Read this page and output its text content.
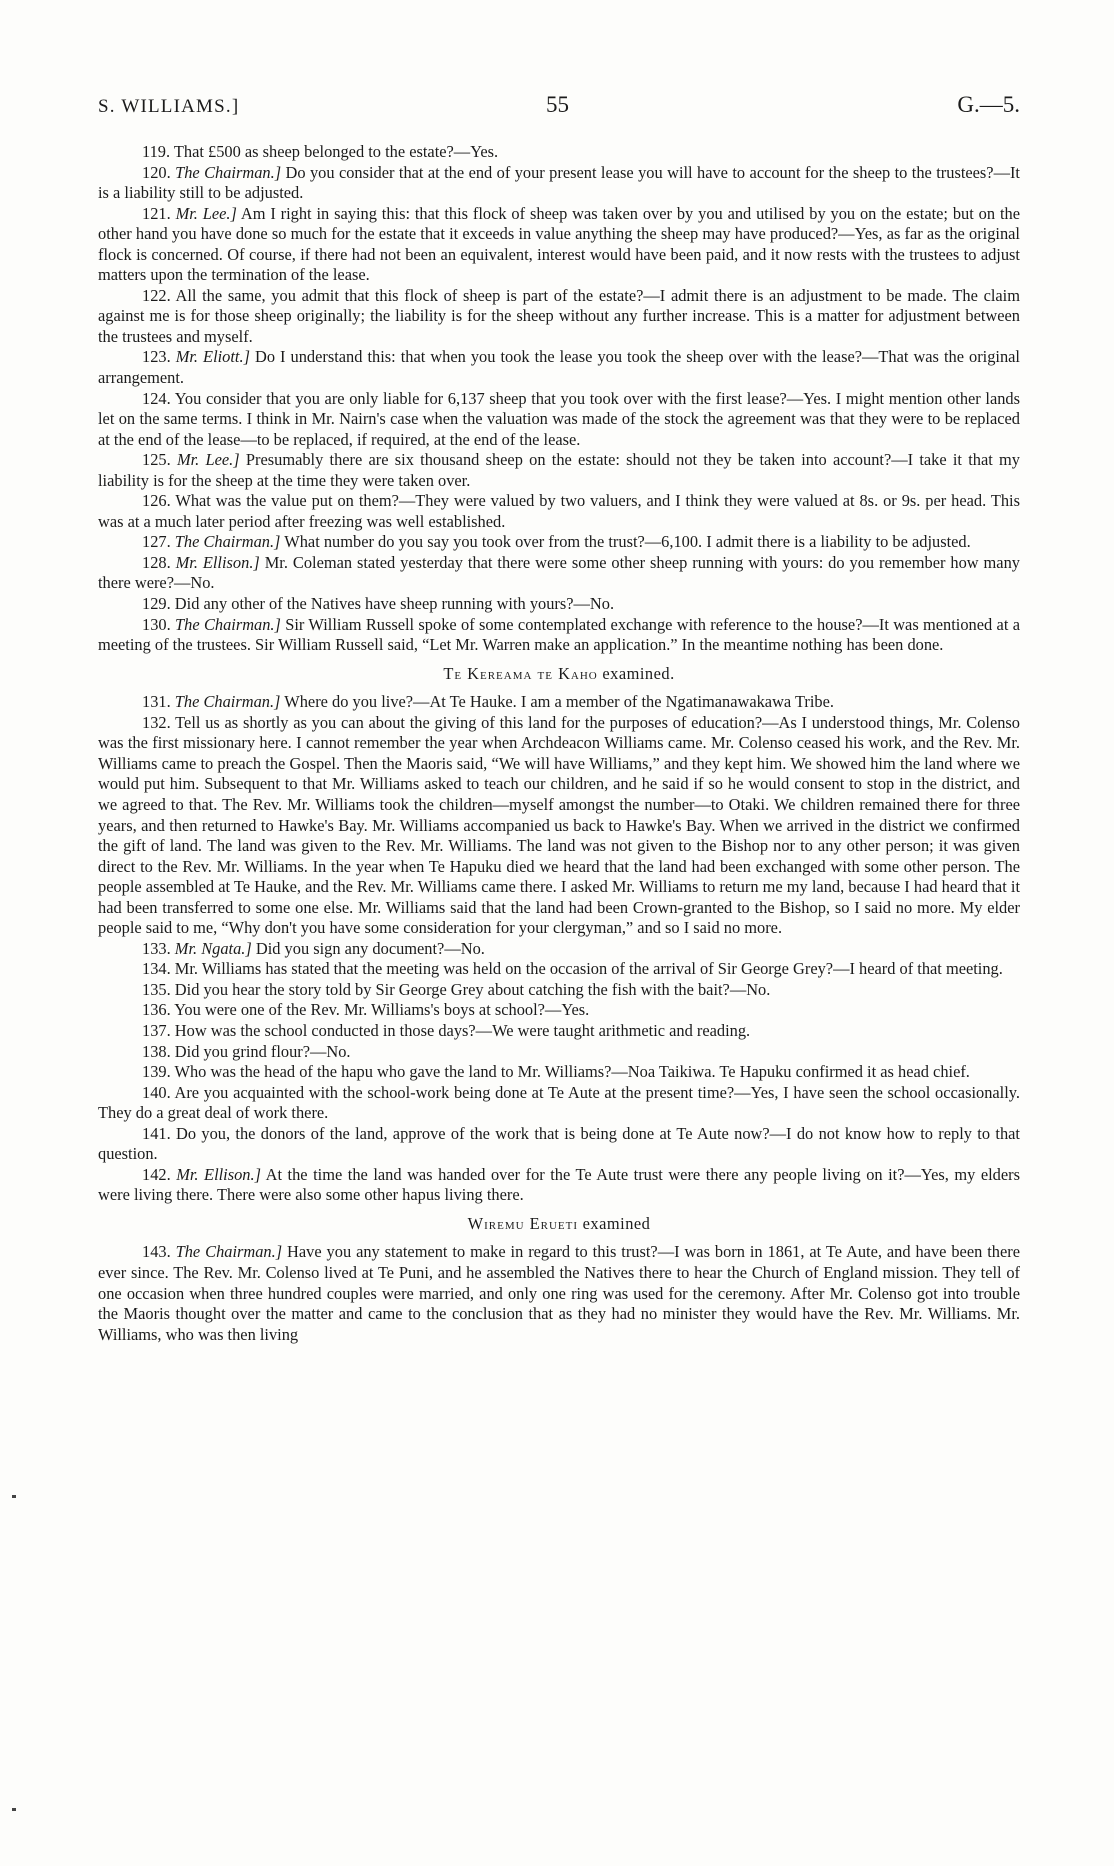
S. WILLIAMS.]	55	G.—5.

119. That £500 as sheep belonged to the estate?—Yes.

120. The Chairman.] Do you consider that at the end of your present lease you will have to account for the sheep to the trustees?—It is a liability still to be adjusted.

121. Mr. Lee.] Am I right in saying this: that this flock of sheep was taken over by you and utilised by you on the estate; but on the other hand you have done so much for the estate that it exceeds in value anything the sheep may have produced?—Yes, as far as the original flock is concerned. Of course, if there had not been an equivalent, interest would have been paid, and it now rests with the trustees to adjust matters upon the termination of the lease.

122. All the same, you admit that this flock of sheep is part of the estate?—I admit there is an adjustment to be made. The claim against me is for those sheep originally; the liability is for the sheep without any further increase. This is a matter for adjustment between the trustees and myself.

123. Mr. Eliott.] Do I understand this: that when you took the lease you took the sheep over with the lease?—That was the original arrangement.

124. You consider that you are only liable for 6,137 sheep that you took over with the first lease?—Yes. I might mention other lands let on the same terms. I think in Mr. Nairn's case when the valuation was made of the stock the agreement was that they were to be replaced at the end of the lease—to be replaced, if required, at the end of the lease.

125. Mr. Lee.] Presumably there are six thousand sheep on the estate: should not they be taken into account?—I take it that my liability is for the sheep at the time they were taken over.

126. What was the value put on them?—They were valued by two valuers, and I think they were valued at 8s. or 9s. per head. This was at a much later period after freezing was well established.

127. The Chairman.] What number do you say you took over from the trust?—6,100. I admit there is a liability to be adjusted.

128. Mr. Ellison.] Mr. Coleman stated yesterday that there were some other sheep running with yours: do you remember how many there were?—No.

129. Did any other of the Natives have sheep running with yours?—No.

130. The Chairman.] Sir William Russell spoke of some contemplated exchange with reference to the house?—It was mentioned at a meeting of the trustees. Sir William Russell said, “Let Mr. Warren make an application.” In the meantime nothing has been done.

Te Kereama te Kaho examined.

131. The Chairman.] Where do you live?—At Te Hauke. I am a member of the Ngatimanawakawa Tribe.

132. Tell us as shortly as you can about the giving of this land for the purposes of education?—As I understood things, Mr. Colenso was the first missionary here. I cannot remember the year when Archdeacon Williams came. Mr. Colenso ceased his work, and the Rev. Mr. Williams came to preach the Gospel. Then the Maoris said, “We will have Williams,” and they kept him. We showed him the land where we would put him. Subsequent to that Mr. Williams asked to teach our children, and he said if so he would consent to stop in the district, and we agreed to that. The Rev. Mr. Williams took the children—myself amongst the number—to Otaki. We children remained there for three years, and then returned to Hawke's Bay. Mr. Williams accompanied us back to Hawke's Bay. When we arrived in the district we confirmed the gift of land. The land was given to the Rev. Mr. Williams. The land was not given to the Bishop nor to any other person; it was given direct to the Rev. Mr. Williams. In the year when Te Hapuku died we heard that the land had been exchanged with some other person. The people assembled at Te Hauke, and the Rev. Mr. Williams came there. I asked Mr. Williams to return me my land, because I had heard that it had been transferred to some one else. Mr. Williams said that the land had been Crown-granted to the Bishop, so I said no more. My elder people said to me, “Why don't you have some consideration for your clergyman,” and so I said no more.

133. Mr. Ngata.] Did you sign any document?—No.

134. Mr. Williams has stated that the meeting was held on the occasion of the arrival of Sir George Grey?—I heard of that meeting.

135. Did you hear the story told by Sir George Grey about catching the fish with the bait?—No.

136. You were one of the Rev. Mr. Williams's boys at school?—Yes.

137. How was the school conducted in those days?—We were taught arithmetic and reading.

138. Did you grind flour?—No.

139. Who was the head of the hapu who gave the land to Mr. Williams?—Noa Taikiwa. Te Hapuku confirmed it as head chief.

140. Are you acquainted with the school-work being done at Te Aute at the present time?—Yes, I have seen the school occasionally. They do a great deal of work there.

141. Do you, the donors of the land, approve of the work that is being done at Te Aute now?—I do not know how to reply to that question.

142. Mr. Ellison.] At the time the land was handed over for the Te Aute trust were there any people living on it?—Yes, my elders were living there. There were also some other hapus living there.

Wiremu Erueti examined

143. The Chairman.] Have you any statement to make in regard to this trust?—I was born in 1861, at Te Aute, and have been there ever since. The Rev. Mr. Colenso lived at Te Puni, and he assembled the Natives there to hear the Church of England mission. They tell of one occasion when three hundred couples were married, and only one ring was used for the ceremony. After Mr. Colenso got into trouble the Maoris thought over the matter and came to the conclusion that as they had no minister they would have the Rev. Mr. Williams. Mr. Williams, who was then living
